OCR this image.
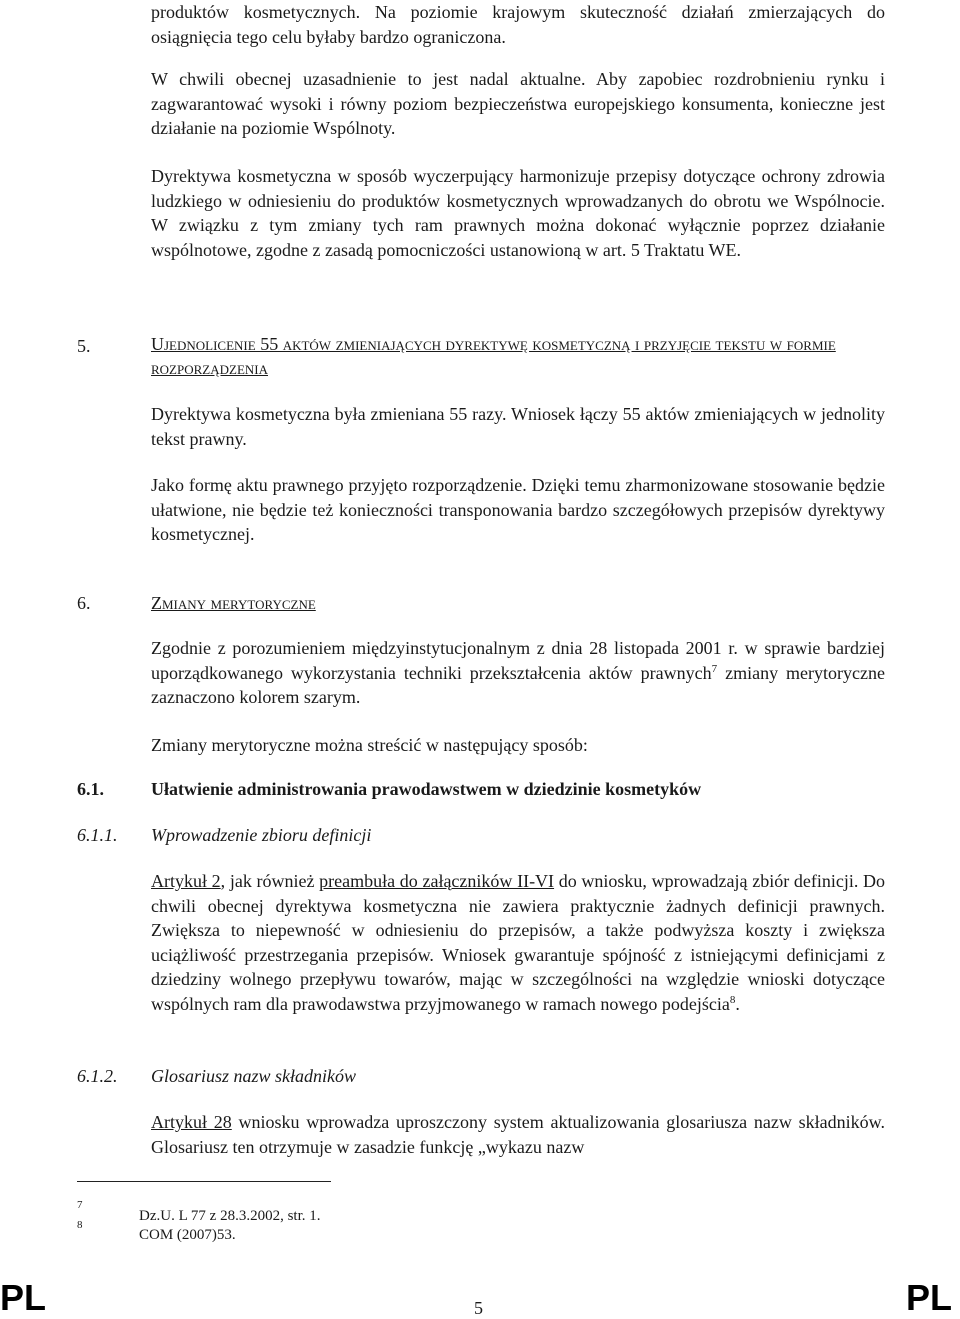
produktów kosmetycznych. Na poziomie krajowym skuteczność działań zmierzających do osiągnięcia tego celu byłaby bardzo ograniczona.

W chwili obecnej uzasadnienie to jest nadal aktualne. Aby zapobiec rozdrobnieniu rynku i zagwarantować wysoki i równy poziom bezpieczeństwa europejskiego konsumenta, konieczne jest działanie na poziomie Wspólnoty.

Dyrektywa kosmetyczna w sposób wyczerpujący harmonizuje przepisy dotyczące ochrony zdrowia ludzkiego w odniesieniu do produktów kosmetycznych wprowadzanych do obrotu we Wspólnocie. W związku z tym zmiany tych ram prawnych można dokonać wyłącznie poprzez działanie wspólnotowe, zgodne z zasadą pomocniczości ustanowioną w art. 5 Traktatu WE.

5.	Ujednolicenie 55 aktów zmieniających dyrektywę kosmetyczną i przyjęcie tekstu w formie rozporządzenia

Dyrektywa kosmetyczna była zmieniana 55 razy. Wniosek łączy 55 aktów zmieniających w jednolity tekst prawny.

Jako formę aktu prawnego przyjęto rozporządzenie. Dzięki temu zharmonizowane stosowanie będzie ułatwione, nie będzie też konieczności transponowania bardzo szczegółowych przepisów dyrektywy kosmetycznej.

6.	Zmiany merytoryczne

Zgodnie z porozumieniem międzyinstytucjonalnym z dnia 28 listopada 2001 r. w sprawie bardziej uporządkowanego wykorzystania techniki przekształcenia aktów prawnych$^7$ zmiany merytoryczne zaznaczono kolorem szarym.

Zmiany merytoryczne można streścić w następujący sposób:

6.1.	Ułatwienie administrowania prawodawstwem w dziedzinie kosmetyków
6.1.1. Wprowadzenie zbioru definicji

Artykuł 2, jak również preambuła do załączników II-VI do wniosku, wprowadzają zbiór definicji. Do chwili obecnej dyrektywa kosmetyczna nie zawiera praktycznie żadnych definicji prawnych. Zwiększa to niepewność w odniesieniu do przepisów, a także podwyższa koszty i zwiększa uciążliwość przestrzegania przepisów. Wniosek gwarantuje spójność z istniejącymi definicjami z dziedziny wolnego przepływu towarów, mając w szczególności na względzie wnioski dotyczące wspólnych ram dla prawodawstwa przyjmowanego w ramach nowego podejścia$^8$.

6.1.2. Glosariusz nazw składników

Artykuł 28 wniosku wprowadza uproszczony system aktualizowania glosariusza nazw składników. Glosariusz ten otrzymuje w zasadzie funkcję „wykazu nazw

7
Dz.U. L 77 z 28.3.2002, str. 1.
8
COM (2007)53.
PL	5	PL
